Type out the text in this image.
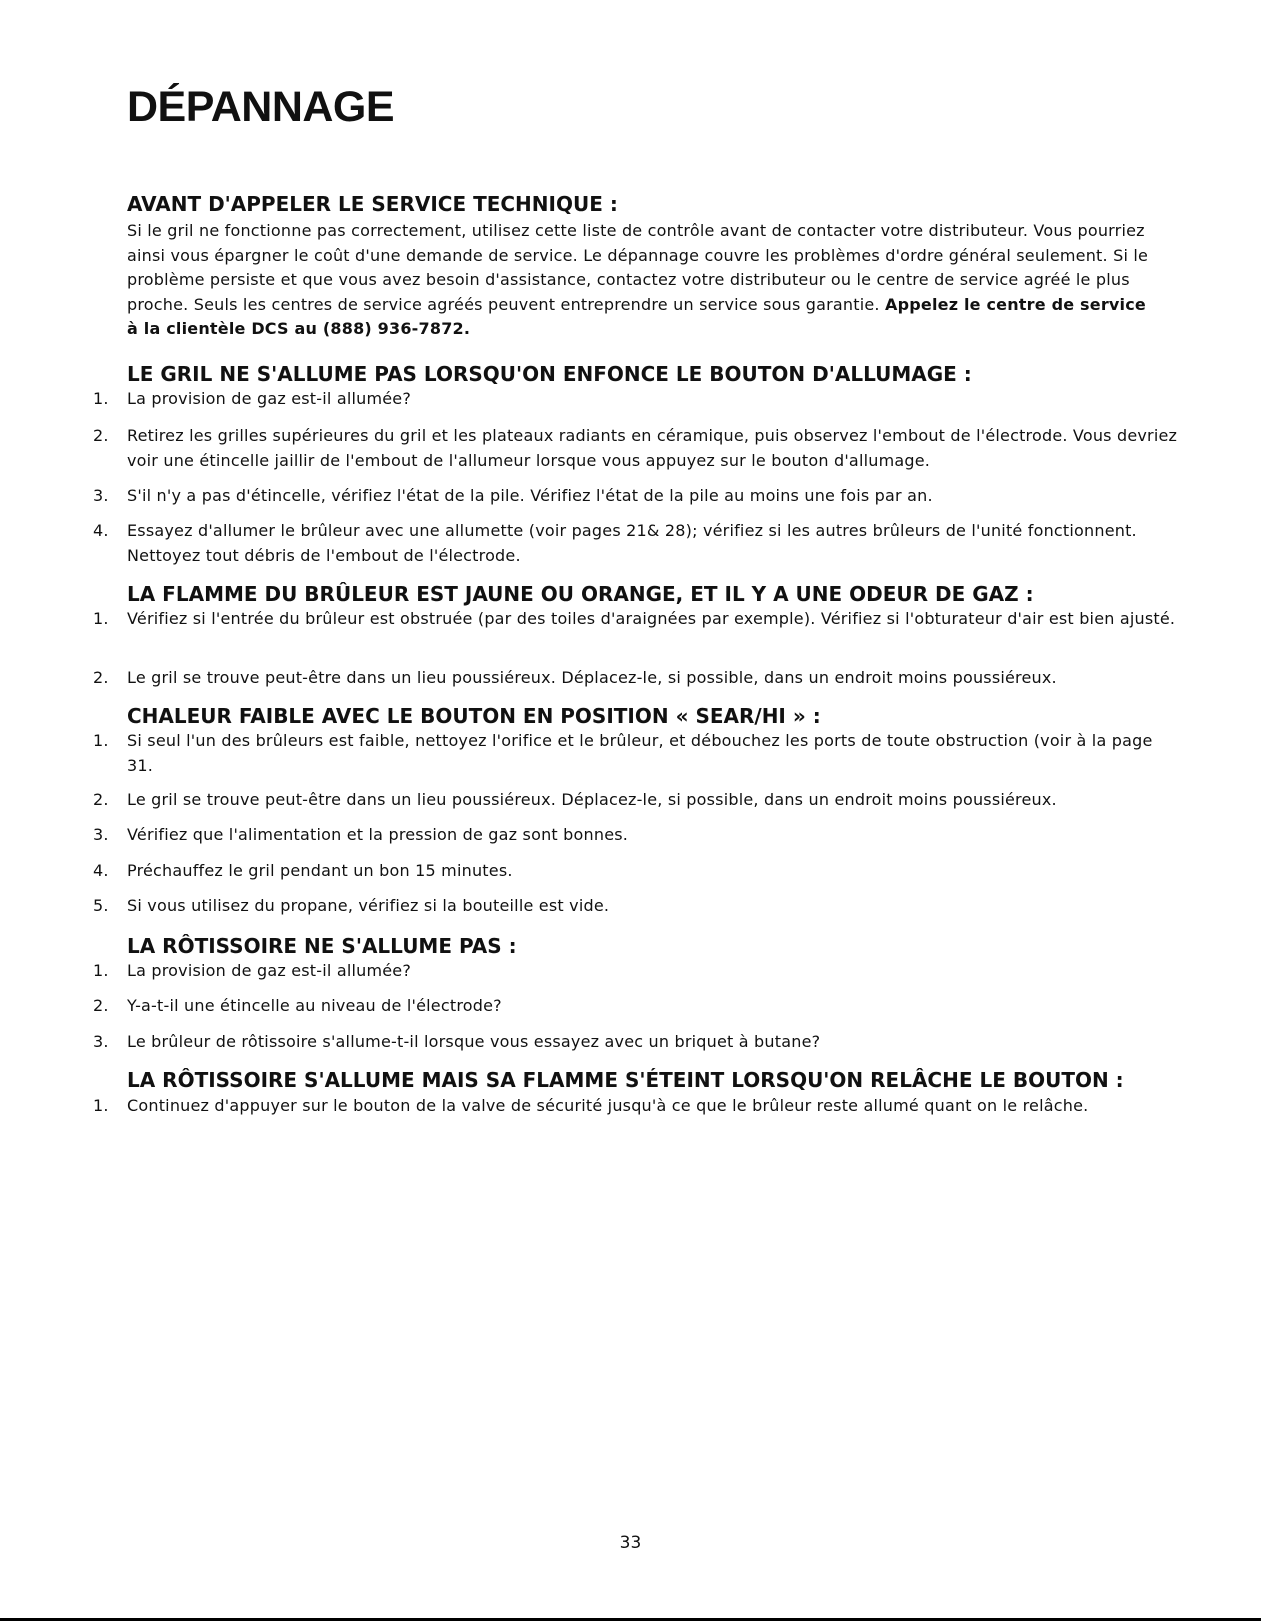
DÉPANNAGE
AVANT D'APPELER LE SERVICE TECHNIQUE :

Si le gril ne fonctionne pas correctement, utilisez cette liste de contrôle avant de contacter votre distributeur. Vous pourriez ainsi vous épargner le coût d'une demande de service. Le dépannage couvre les problèmes d'ordre général seulement. Si le problème persiste et que vous avez besoin d'assistance, contactez votre distributeur ou le centre de service agréé le plus proche. Seuls les centres de service agréés peuvent entreprendre un service sous garantie. Appelez le centre de service à la clientèle DCS au (888) 936-7872.

LE GRIL NE S'ALLUME PAS LORSQU'ON ENFONCE LE BOUTON D'ALLUMAGE :
1.	La provision de gaz est-il allumée?
2.	Retirez les grilles supérieures du gril et les plateaux radiants en céramique, puis observez l'embout de l'électrode. Vous devriez voir une étincelle jaillir de l'embout de l'allumeur lorsque vous appuyez sur le bouton d'allumage.
3.	S'il n'y a pas d'étincelle, vérifiez l'état de la pile. Vérifiez l'état de la pile au moins une fois par an.
4.	Essayez d'allumer le brûleur avec une allumette (voir pages 21& 28); vérifiez si les autres brûleurs de l'unité fonctionnent. Nettoyez tout débris de l'embout de l'électrode.
LA FLAMME DU BRÛLEUR EST JAUNE OU ORANGE, ET IL Y A UNE ODEUR DE GAZ :
1.	Vérifiez si l'entrée du brûleur est obstruée (par des toiles d'araignées par exemple). Vérifiez si l'obturateur d'air est bien ajusté.
2.	Le gril se trouve peut-être dans un lieu poussiéreux. Déplacez-le, si possible, dans un endroit moins poussiéreux.
CHALEUR FAIBLE AVEC LE BOUTON EN POSITION « SEAR/HI » :
1.	Si seul l'un des brûleurs est faible, nettoyez l'orifice et le brûleur, et débouchez les ports de toute obstruction (voir à la page 31.
2.	Le gril se trouve peut-être dans un lieu poussiéreux. Déplacez-le, si possible, dans un endroit moins poussiéreux.
3.	Vérifiez que l'alimentation et la pression de gaz sont bonnes.
4.	Préchauffez le gril pendant un bon 15 minutes.
5.	Si vous utilisez du propane, vérifiez si la bouteille est vide.
LA RÔTISSOIRE NE S'ALLUME PAS :
1.	La provision de gaz est-il allumée?
2.	Y-a-t-il une étincelle au niveau de l'électrode?
3.	Le brûleur de rôtissoire s'allume-t-il lorsque vous essayez avec un briquet à butane?
LA RÔTISSOIRE S'ALLUME MAIS SA FLAMME S'ÉTEINT LORSQU'ON RELÂCHE LE BOUTON :
1.	Continuez d'appuyer sur le bouton de la valve de sécurité jusqu'à ce que le brûleur reste allumé quant on le relâche.
33
